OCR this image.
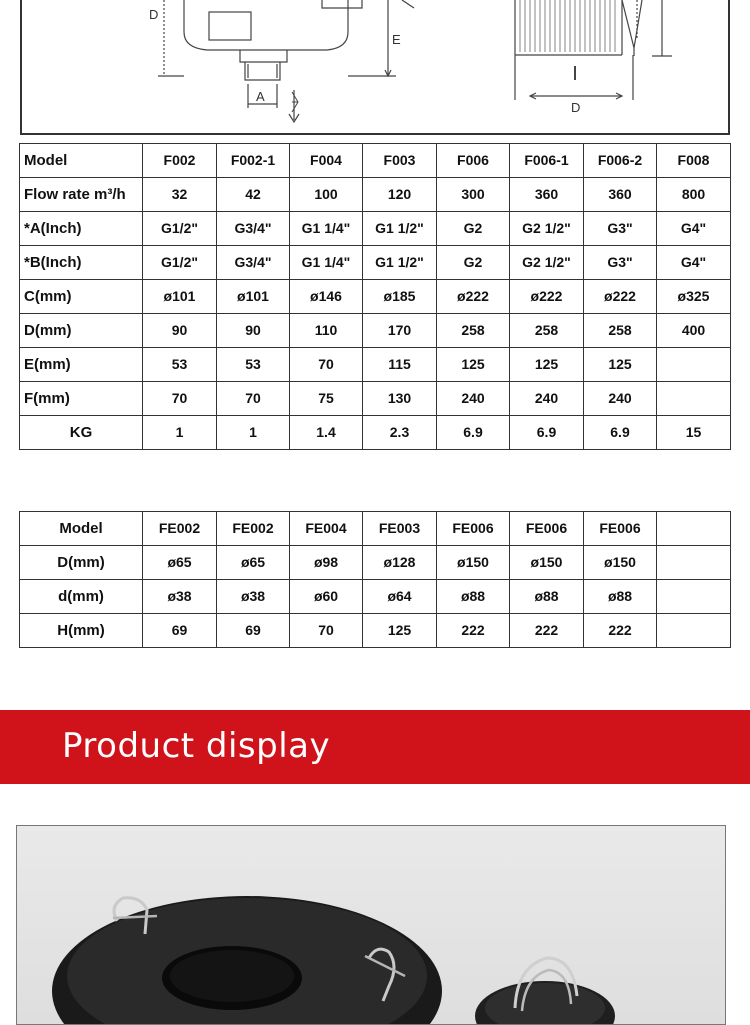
D
E
A
D
Model	F002	F002-1	F004	F003	F006	F006-1	F006-2	F008
Flow rate m³/h	32	42	100	120	300	360	360	800
*A(Inch)	G1/2"	G3/4"	G1 1/4"	G1 1/2"	G2	G2 1/2"	G3"	G4"
*B(Inch)	G1/2"	G3/4"	G1 1/4"	G1 1/2"	G2	G2 1/2"	G3"	G4"
C(mm)	ø101	ø101	ø146	ø185	ø222	ø222	ø222	ø325
D(mm)	90	90	110	170	258	258	258	400
E(mm)	53	53	70	115	125	125	125	
F(mm)	70	70	75	130	240	240	240	
KG	1	1	1.4	2.3	6.9	6.9	6.9	15
Model	FE002	FE002	FE004	FE003	FE006	FE006	FE006	
D(mm)	ø65	ø65	ø98	ø128	ø150	ø150	ø150	
d(mm)	ø38	ø38	ø60	ø64	ø88	ø88	ø88	
H(mm)	69	69	70	125	222	222	222	
Product display
